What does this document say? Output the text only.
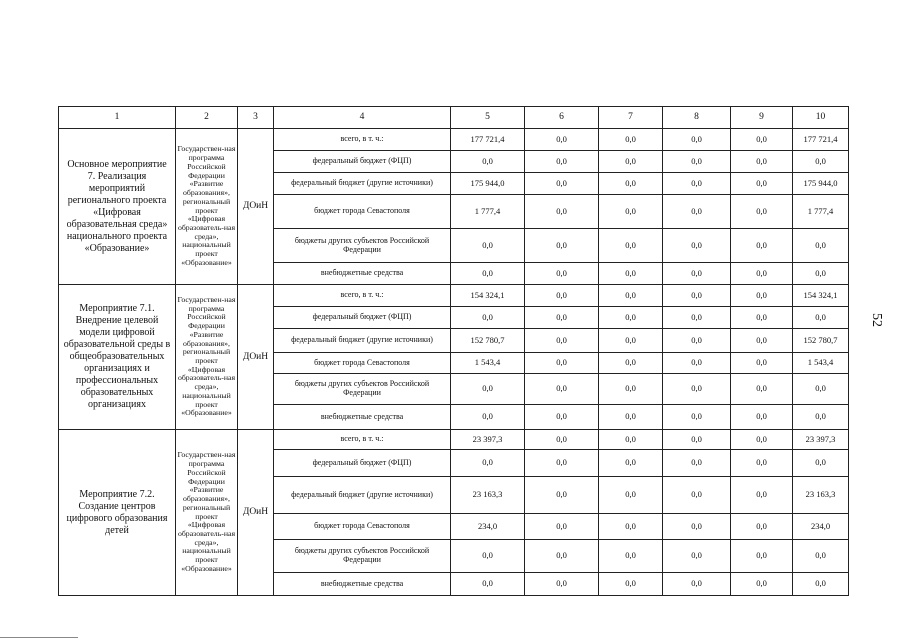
1	2	3	4	5	6	7	8	9	10
Основное мероприятие 7. Реализация мероприятий регионального проекта «Цифровая образовательная среда» национального проекта «Образование»	Государствен-ная программа Российской Федерации «Развитие образования», региональный проект «Цифровая образователь-ная среда», национальный проект «Образование»	ДОиН	всего, в т. ч.:	177 721,4	0,0	0,0	0,0	0,0	177 721,4
			федеральный бюджет (ФЦП)	0,0	0,0	0,0	0,0	0,0	0,0
			федеральный бюджет (другие источники)	175 944,0	0,0	0,0	0,0	0,0	175 944,0
			бюджет города Севастополя	1 777,4	0,0	0,0	0,0	0,0	1 777,4
			бюджеты других субъектов Российской Федерации	0,0	0,0	0,0	0,0	0,0	0,0
			внебюджетные средства	0,0	0,0	0,0	0,0	0,0	0,0
Мероприятие 7.1. Внедрение целевой модели цифровой образовательной среды в общеобразовательных организациях и профессиональных образовательных организациях	Государствен-ная программа Российской Федерации «Развитие образования», региональный проект «Цифровая образователь-ная среда», национальный проект «Образование»	ДОиН	всего, в т. ч.:	154 324,1	0,0	0,0	0,0	0,0	154 324,1
			федеральный бюджет (ФЦП)	0,0	0,0	0,0	0,0	0,0	0,0
			федеральный бюджет (другие источники)	152 780,7	0,0	0,0	0,0	0,0	152 780,7
			бюджет города Севастополя	1 543,4	0,0	0,0	0,0	0,0	1 543,4
			бюджеты других субъектов Российской Федерации	0,0	0,0	0,0	0,0	0,0	0,0
			внебюджетные средства	0,0	0,0	0,0	0,0	0,0	0,0
Мероприятие 7.2. Создание центров цифрового образования детей	Государствен-ная программа Российской Федерации «Развитие образования», региональный проект «Цифровая образователь-ная среда», национальный проект «Образование»	ДОиН	всего, в т. ч.:	23 397,3	0,0	0,0	0,0	0,0	23 397,3
			федеральный бюджет (ФЦП)	0,0	0,0	0,0	0,0	0,0	0,0
			федеральный бюджет (другие источники)	23 163,3	0,0	0,0	0,0	0,0	23 163,3
			бюджет города Севастополя	234,0	0,0	0,0	0,0	0,0	234,0
			бюджеты других субъектов Российской Федерации	0,0	0,0	0,0	0,0	0,0	0,0
			внебюджетные средства	0,0	0,0	0,0	0,0	0,0	0,0
52
